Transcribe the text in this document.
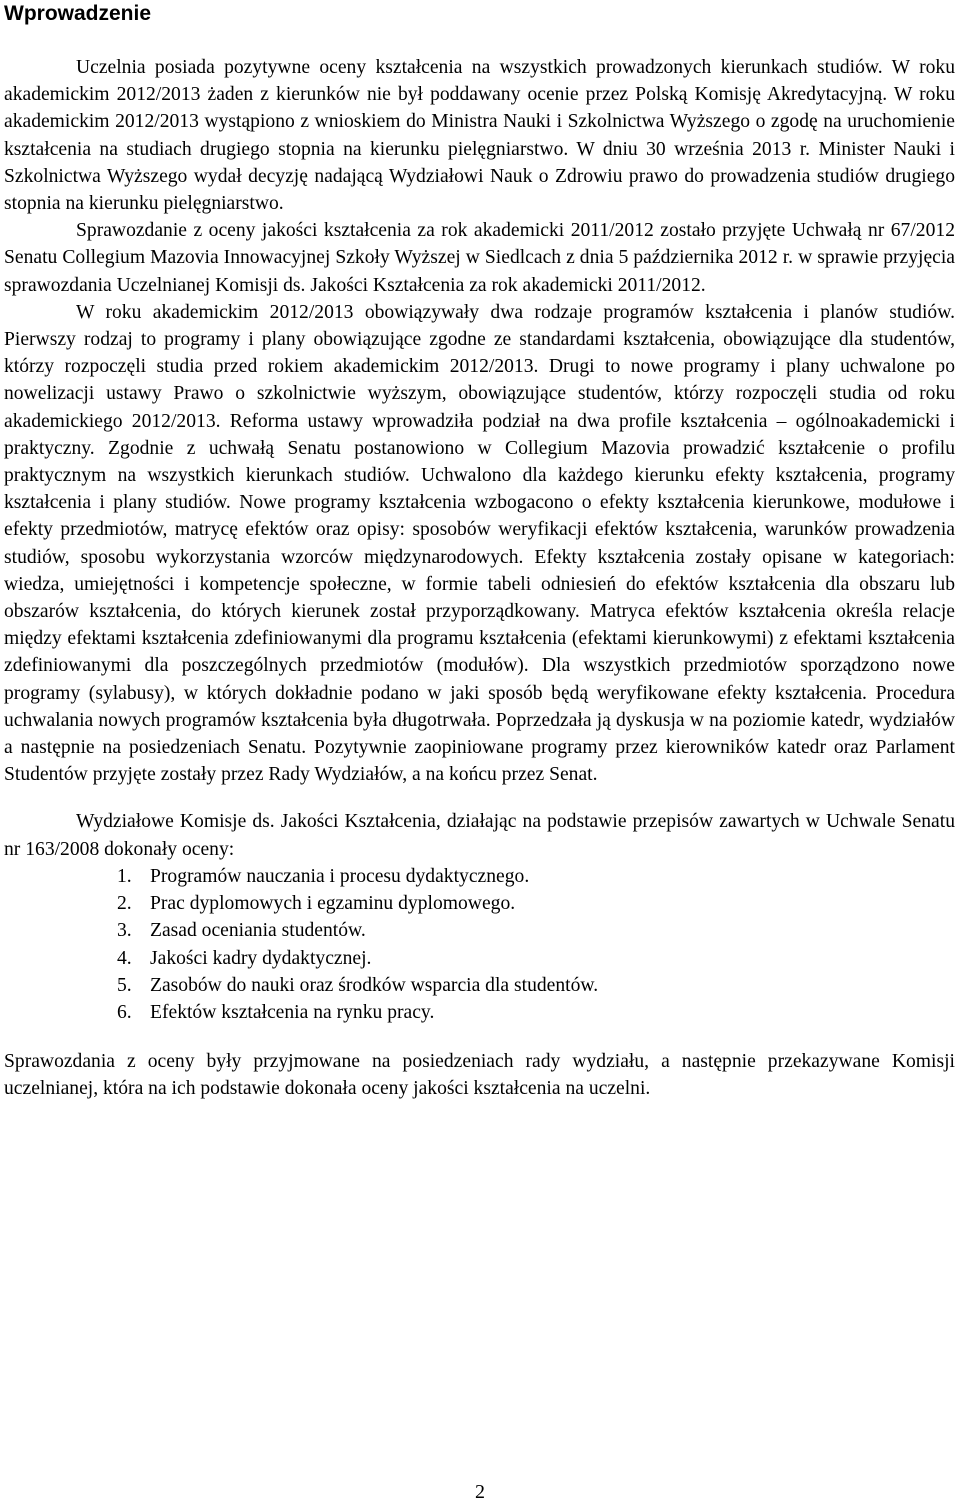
Wprowadzenie

Uczelnia posiada pozytywne oceny kształcenia na wszystkich prowadzonych kierunkach studiów. W roku akademickim 2012/2013 żaden z kierunków nie był poddawany ocenie przez Polską Komisję Akredytacyjną. W roku akademickim 2012/2013 wystąpiono z wnioskiem do Ministra Nauki i Szkolnictwa Wyższego o zgodę na uruchomienie kształcenia na studiach drugiego stopnia na kierunku pielęgniarstwo. W dniu 30 września 2013 r. Minister Nauki i Szkolnictwa Wyższego wydał decyzję nadającą Wydziałowi Nauk o Zdrowiu prawo do prowadzenia studiów drugiego stopnia na kierunku pielęgniarstwo.

Sprawozdanie z oceny jakości kształcenia za rok akademicki 2011/2012 zostało przyjęte Uchwałą nr 67/2012 Senatu Collegium Mazovia Innowacyjnej Szkoły Wyższej w Siedlcach z dnia 5 października 2012 r. w sprawie przyjęcia sprawozdania Uczelnianej Komisji ds. Jakości Kształcenia za rok akademicki 2011/2012.

W roku akademickim 2012/2013 obowiązywały dwa rodzaje programów kształcenia i planów studiów. Pierwszy rodzaj to programy i plany obowiązujące zgodne ze standardami kształcenia, obowiązujące dla studentów, którzy rozpoczęli studia przed rokiem akademickim 2012/2013. Drugi to nowe programy i plany uchwalone po nowelizacji ustawy Prawo o szkolnictwie wyższym, obowiązujące studentów, którzy rozpoczęli studia od roku akademickiego 2012/2013. Reforma ustawy wprowadziła podział na dwa profile kształcenia – ogólnoakademicki i praktyczny. Zgodnie z uchwałą Senatu postanowiono w Collegium Mazovia prowadzić kształcenie o profilu praktycznym na wszystkich kierunkach studiów. Uchwalono dla każdego kierunku efekty kształcenia, programy kształcenia i plany studiów. Nowe programy kształcenia wzbogacono o efekty kształcenia kierunkowe, modułowe i efekty przedmiotów, matrycę efektów oraz opisy: sposobów weryfikacji efektów kształcenia, warunków prowadzenia studiów, sposobu wykorzystania wzorców międzynarodowych. Efekty kształcenia zostały opisane w kategoriach: wiedza, umiejętności i kompetencje społeczne, w formie tabeli odniesień do efektów kształcenia dla obszaru lub obszarów kształcenia, do których kierunek został przyporządkowany. Matryca efektów kształcenia określa relacje między efektami kształcenia zdefiniowanymi dla programu kształcenia (efektami kierunkowymi) z efektami kształcenia zdefiniowanymi dla poszczególnych przedmiotów (modułów). Dla wszystkich przedmiotów sporządzono nowe programy (sylabusy), w których dokładnie podano w jaki sposób będą weryfikowane efekty kształcenia. Procedura uchwalania nowych programów kształcenia była długotrwała. Poprzedzała ją dyskusja w na poziomie katedr, wydziałów a następnie na posiedzeniach Senatu. Pozytywnie zaopiniowane programy przez kierowników katedr oraz Parlament Studentów przyjęte zostały przez Rady Wydziałów, a na końcu przez Senat.

Wydziałowe Komisje ds. Jakości Kształcenia, działając na podstawie przepisów zawartych w Uchwale Senatu nr 163/2008 dokonały oceny:

1. Programów nauczania i procesu dydaktycznego.
2. Prac dyplomowych i egzaminu dyplomowego.
3. Zasad oceniania studentów.
4. Jakości kadry dydaktycznej.
5. Zasobów do nauki oraz środków wsparcia dla studentów.
6. Efektów kształcenia na rynku pracy.

Sprawozdania z oceny były przyjmowane na posiedzeniach rady wydziału, a następnie przekazywane Komisji uczelnianej, która na ich podstawie dokonała oceny jakości kształcenia na uczelni.

2
